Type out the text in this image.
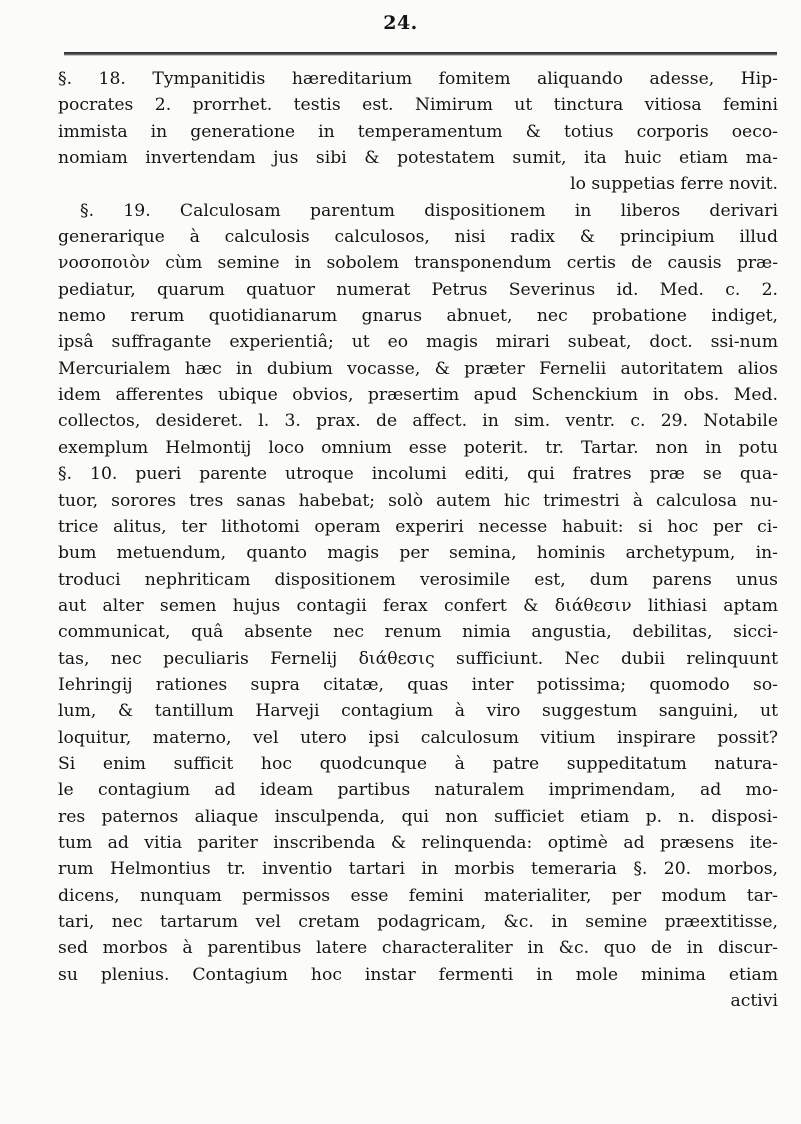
24.
§. 18. Tympanitidis hæreditarium fomitem aliquando adesse, Hip-
pocrates 2. prorrhet. testis est. Nimirum ut tinctura vitiosa femini
immista in generatione in temperamentum & totius corporis oeco-
nomiam invertendam jus sibi & potestatem sumit, ita huic etiam ma-
lo suppetias ferre novit.
§. 19. Calculosam parentum dispositionem in liberos derivari
generarique à calculosis calculosos, nisi radix & principium illud
νοσοποιὸν cùm semine in sobolem transponendum certis de causis præ-
pediatur, quarum quatuor numerat Petrus Severinus id. Med. c. 2.
nemo rerum quotidianarum gnarus abnuet, nec probatione indiget,
ipsâ suffragante experientiâ; ut eo magis mirari subeat, doct. ssi-num
Mercurialem hæc in dubium vocasse, & præter Fernelii autoritatem alios
idem afferentes ubique obvios, præsertim apud Schenckium in obs. Med.
collectos, desideret. l. 3. prax. de affect. in sim. ventr. c. 29. Notabile
exemplum Helmontij loco omnium esse poterit. tr. Tartar. non in potu
§. 10. pueri parente utroque incolumi editi, qui fratres præ se qua-
tuor, sorores tres sanas habebat; solò autem hic trimestri à calculosa nu-
trice alitus, ter lithotomi operam experiri necesse habuit: si hoc per ci-
bum metuendum, quanto magis per semina, hominis archetypum, in-
troduci nephriticam dispositionem verosimile est, dum parens unus
aut alter semen hujus contagii ferax confert & διάθεσιν lithiasi aptam
communicat, quâ absente nec renum nimia angustia, debilitas, sicci-
tas, nec peculiaris Fernelij διάθεσις sufficiunt. Nec dubii relinquunt
Iehringij rationes supra citatæ, quas inter potissima; quomodo so-
lum, & tantillum Harveji contagium à viro suggestum sanguini, ut
loquitur, materno, vel utero ipsi calculosum vitium inspirare possit?
Si enim sufficit hoc quodcunque à patre suppeditatum natura-
le contagium ad ideam partibus naturalem imprimendam, ad mo-
res paternos aliaque insculpenda, qui non sufficiet etiam p. n. disposi-
tum ad vitia pariter inscribenda & relinquenda: optimè ad præsens ite-
rum Helmontius tr. inventio tartari in morbis temeraria §. 20. morbos,
dicens, nunquam permissos esse femini materialiter, per modum tar-
tari, nec tartarum vel cretam podagricam, &c. in semine præextitisse,
sed morbos à parentibus latere characteraliter in &c. quo de in discur-
su plenius. Contagium hoc instar fermenti in mole minima etiam
activi
